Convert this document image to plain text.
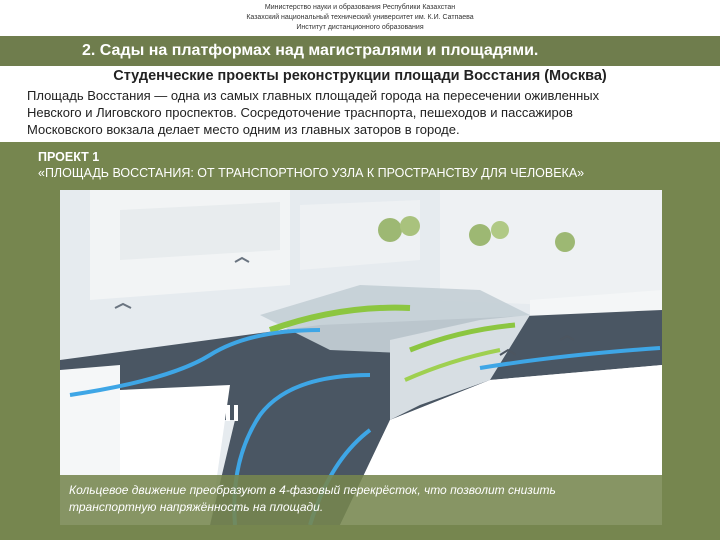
Министерство науки и образования Республики Казахстан
Казахский национальный технический университет им. К.И. Сатпаева
Институт дистанционного образования
2. Сады на платформах над магистралями и площадями.
Студенческие проекты реконструкции площади Восстания (Москва)
Площадь Восстания — одна из самых главных площадей города на пересечении оживленных
Невского и Лиговского проспектов. Сосредоточение траснпорта, пешеходов и пассажиров
Московского вокзала делает место одним из главных заторов в городе.
ПРОЕКТ 1
«ПЛОЩАДЬ ВОССТАНИЯ: ОТ ТРАНСПОРТНОГО УЗЛА К ПРОСТРАНСТВУ ДЛЯ ЧЕЛОВЕКА»
Кольцевое движение преобразуют в 4-фазовый перекрёсток, что позволит снизить
транспортную напряжённость на площади.
